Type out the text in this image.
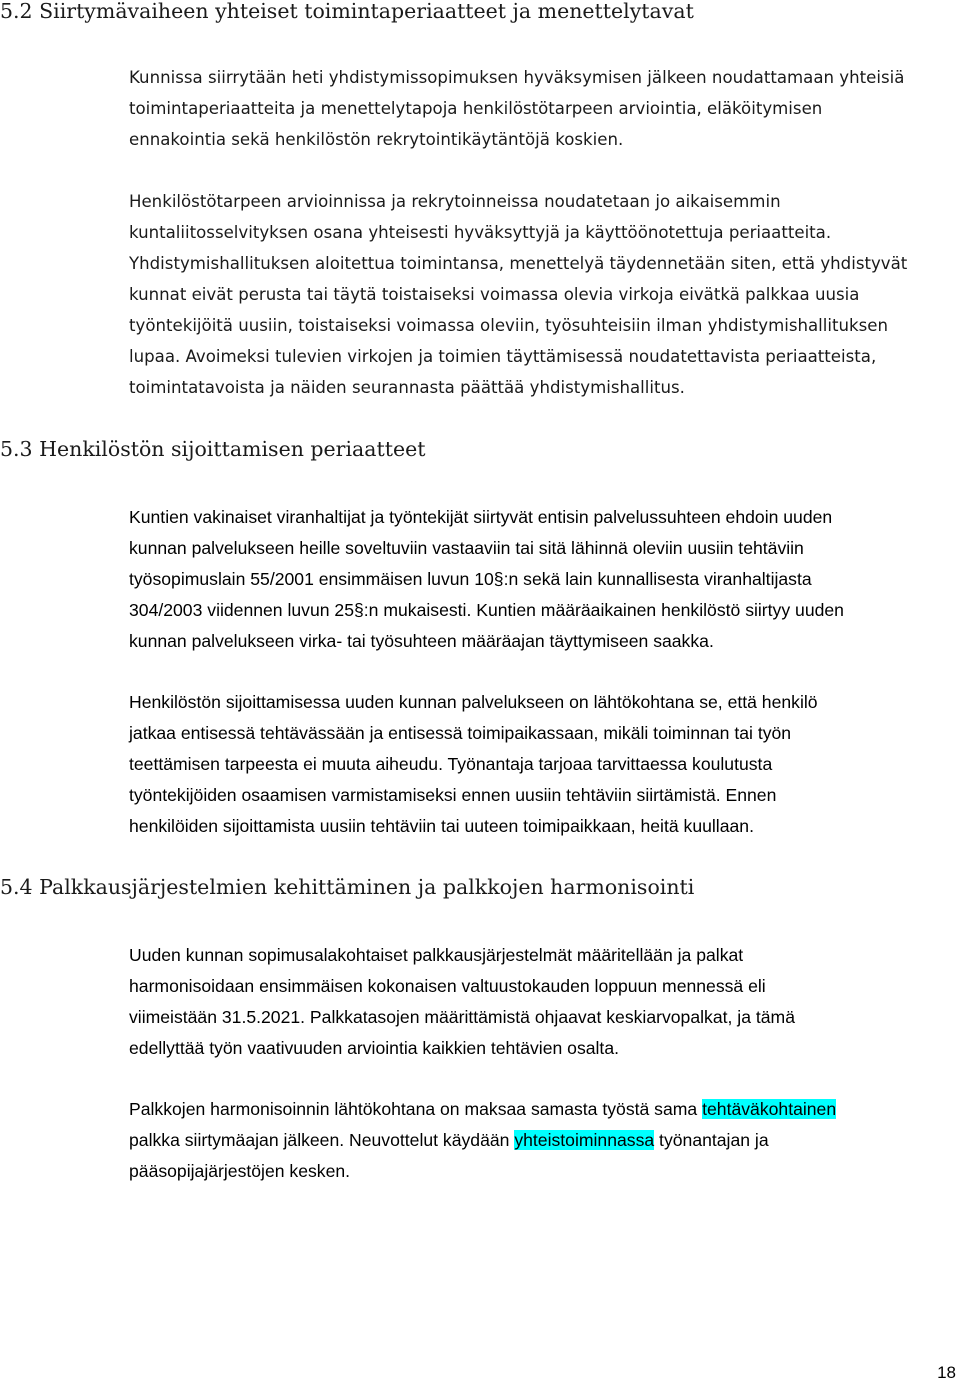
5.2 Siirtymävaiheen yhteiset toimintaperiaatteet ja menettelytavat

Kunnissa siirrytään heti yhdistymissopimuksen hyväksymisen jälkeen noudattamaan yhteisiä
toimintaperiaatteita ja menettelytapoja henkilöstötarpeen arviointia, eläköitymisen
ennakointia sekä henkilöstön rekrytointikäytäntöjä koskien.

Henkilöstötarpeen arvioinnissa ja rekrytoinneissa noudatetaan jo aikaisemmin
kuntaliitosselvityksen osana yhteisesti hyväksyttyjä ja käyttöönotettuja periaatteita.
Yhdistymishallituksen aloitettua toimintansa, menettelyä täydennetään siten, että yhdistyvät
kunnat eivät perusta tai täytä toistaiseksi voimassa olevia virkoja eivätkä palkkaa uusia
työntekijöitä uusiin, toistaiseksi voimassa oleviin, työsuhteisiin ilman yhdistymishallituksen
lupaa. Avoimeksi tulevien virkojen ja toimien täyttämisessä noudatettavista periaatteista,
toimintatavoista ja näiden seurannasta päättää yhdistymishallitus.

5.3 Henkilöstön sijoittamisen periaatteet

Kuntien vakinaiset viranhaltijat ja työntekijät siirtyvät entisin palvelussuhteen ehdoin uuden
kunnan palvelukseen heille soveltuviin vastaaviin tai sitä lähinnä oleviin uusiin tehtäviin
työsopimuslain 55/2001 ensimmäisen luvun 10§:n sekä lain kunnallisesta viranhaltijasta
304/2003 viidennen luvun 25§:n mukaisesti. Kuntien määräaikainen henkilöstö siirtyy uuden
kunnan palvelukseen virka- tai työsuhteen määräajan täyttymiseen saakka.

Henkilöstön sijoittamisessa uuden kunnan palvelukseen on lähtökohtana se, että henkilö
jatkaa entisessä tehtävässään ja entisessä toimipaikassaan, mikäli toiminnan tai työn
teettämisen tarpeesta ei muuta aiheudu. Työnantaja tarjoaa tarvittaessa koulutusta
työntekijöiden osaamisen varmistamiseksi ennen uusiin tehtäviin siirtämistä. Ennen
henkilöiden sijoittamista uusiin tehtäviin tai uuteen toimipaikkaan, heitä kuullaan.

5.4 Palkkausjärjestelmien kehittäminen ja palkkojen harmonisointi

Uuden kunnan sopimusalakohtaiset palkkausjärjestelmät määritellään ja palkat
harmonisoidaan ensimmäisen kokonaisen valtuustokauden loppuun mennessä eli
viimeistään 31.5.2021. Palkkatasojen määrittämistä ohjaavat keskiarvopalkat, ja tämä
edellyttää työn vaativuuden arviointia kaikkien tehtävien osalta.

Palkkojen harmonisoinnin lähtökohtana on maksaa samasta työstä sama tehtäväkohtainen
palkka siirtymäajan jälkeen. Neuvottelut käydään yhteistoiminnassa työnantajan ja
pääsopijajärjestöjen kesken.

18
